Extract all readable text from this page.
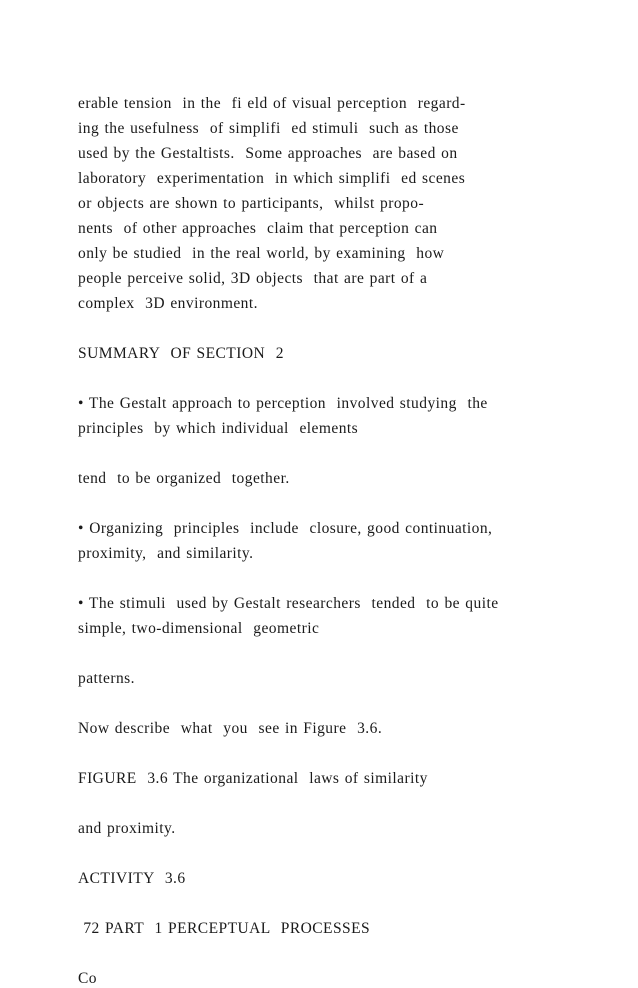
erable tension  in the  fi eld of visual perception  regard-
ing the usefulness  of simplifi  ed stimuli  such as those
used by the Gestaltists.  Some approaches  are based on
laboratory  experimentation  in which simplifi  ed scenes
or objects are shown to participants,  whilst propo-
nents  of other approaches  claim that perception can
only be studied  in the real world, by examining  how
people perceive solid, 3D objects  that are part of a
complex  3D environment.
SUMMARY  OF SECTION  2
• The Gestalt approach to perception  involved studying  the
principles  by which individual  elements
tend  to be organized  together.
• Organizing  principles  include  closure, good continuation,
proximity,  and similarity.
• The stimuli  used by Gestalt researchers  tended  to be quite
simple, two-dimensional  geometric
patterns.
Now describe  what  you  see in Figure  3.6.
FIGURE  3.6 The organizational  laws of similarity
and proximity.
ACTIVITY  3.6
72 PART  1 PERCEPTUAL  PROCESSES
Co
